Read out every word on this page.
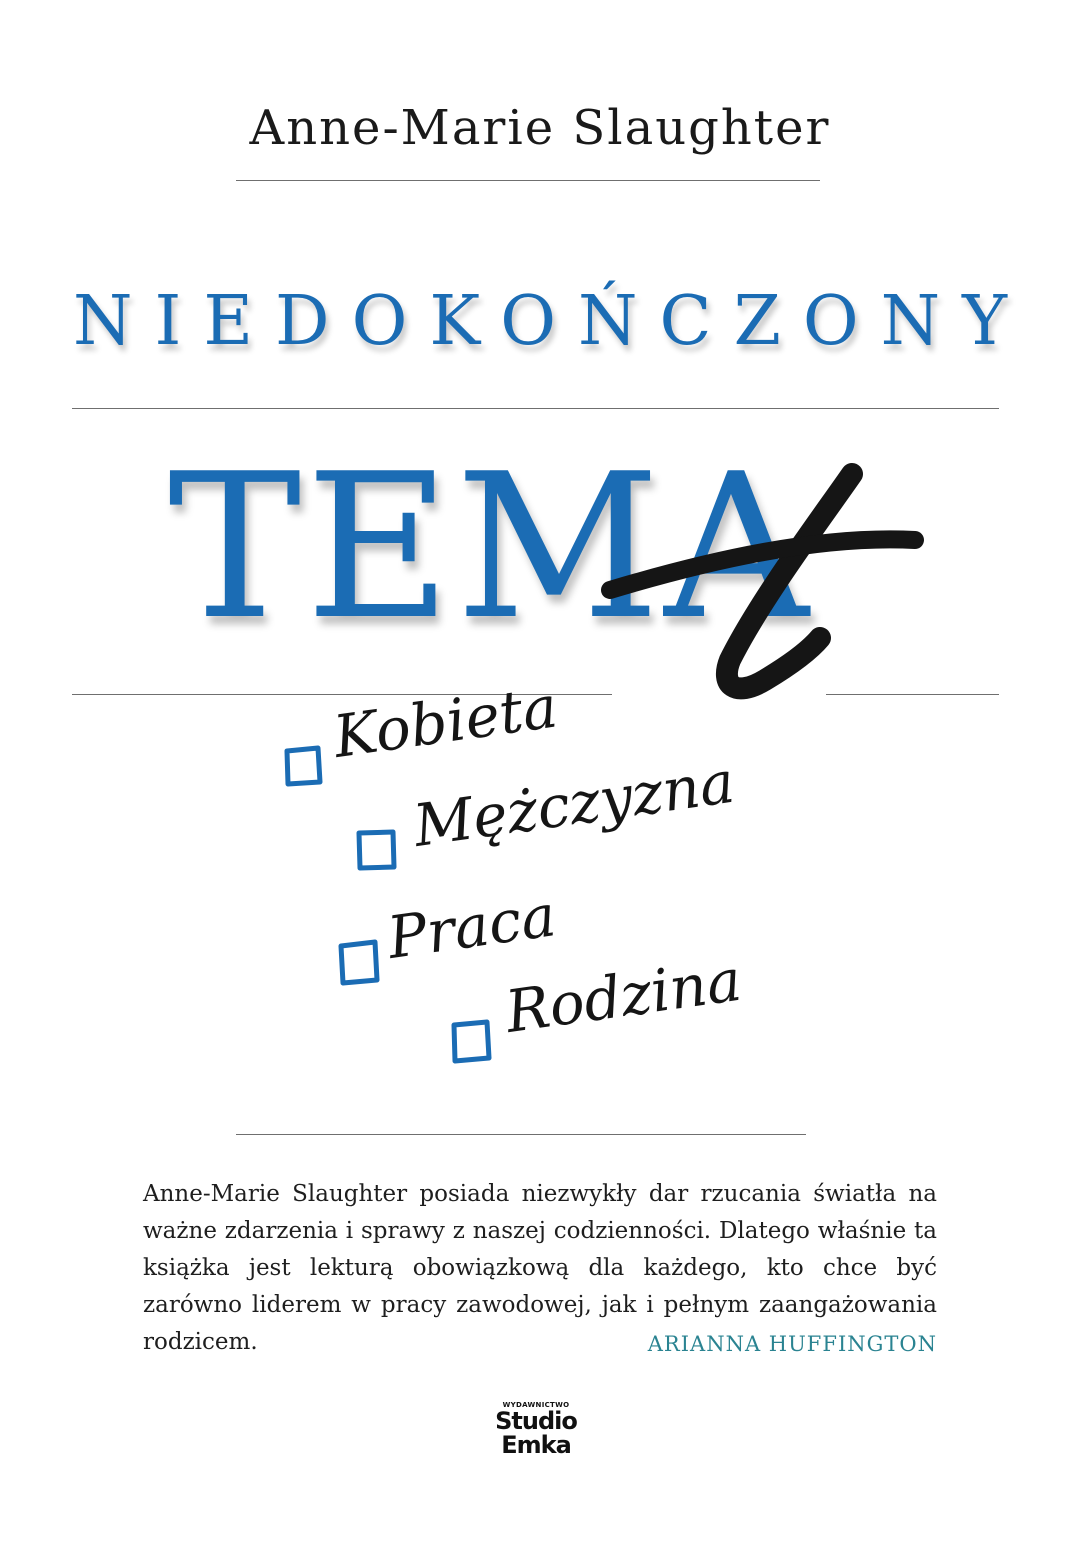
Anne-Marie Slaughter
NIEDOKOŃCZONY
TEMA
Kobieta
Mężczyzna
Praca
Rodzina

Anne-Marie Slaughter posiada niezwykły dar rzucania światła na ważne zdarzenia i sprawy z naszej codzienności. Dlatego właśnie ta książka jest lekturą obowiązkową dla każdego, kto chce być zarówno liderem w pracy zawodowej, jak i pełnym zaangażowania rodzicem.	ARIANNA HUFFINGTON
WYDAWNICTWO
Studio
Emka
